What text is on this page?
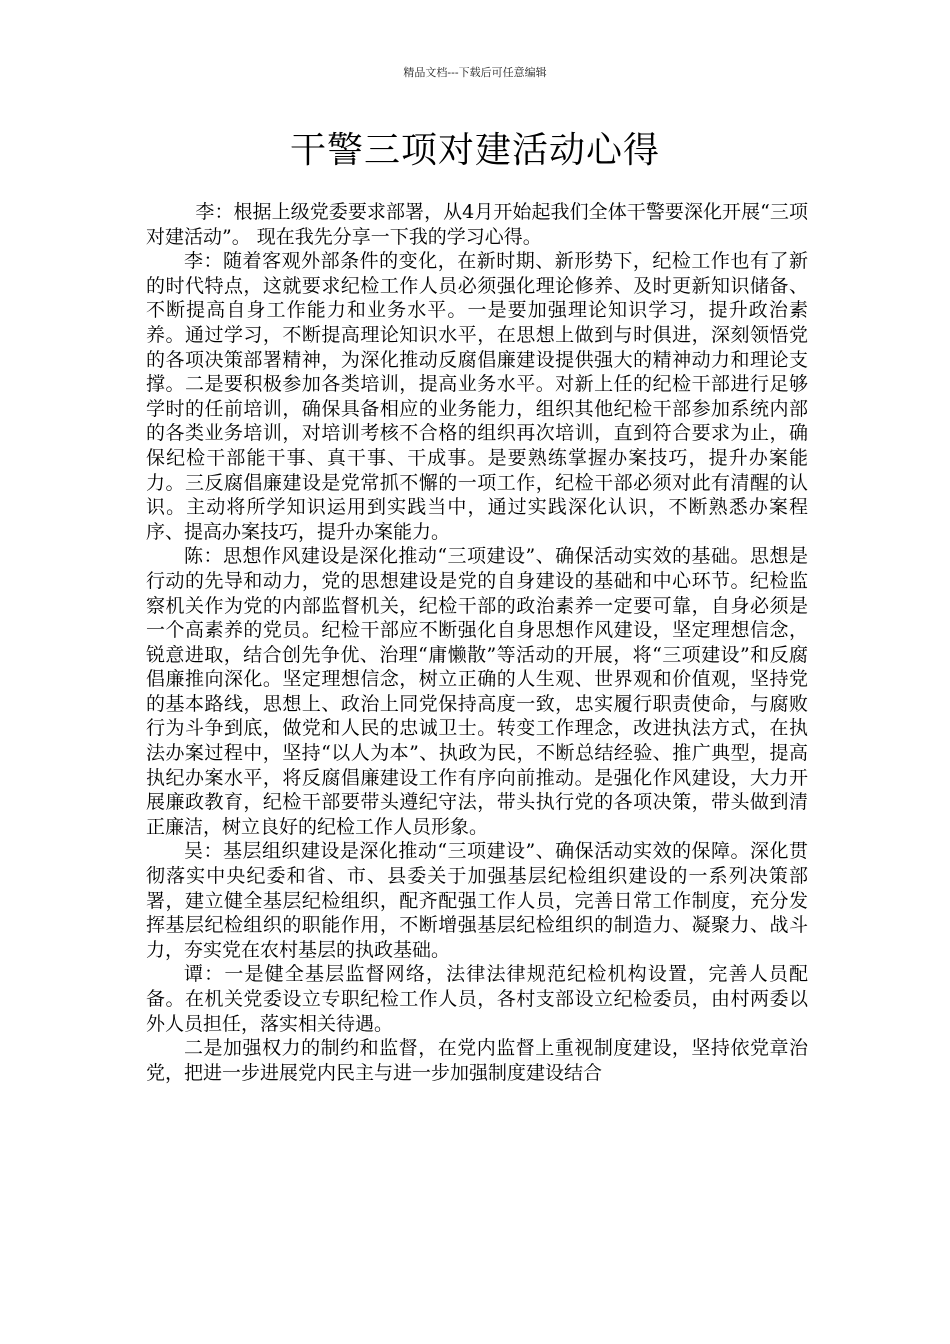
精品文档---下载后可任意编辑
干警三项对建活动心得

李：根据上级党委要求部署，从4月开始起我们全体干警要深化开展“三项对建活动”。 现在我先分享一下我的学习心得。

李：随着客观外部条件的变化，在新时期、新形势下，纪检工作也有了新的时代特点，这就要求纪检工作人员必须强化理论修养、及时更新知识储备、不断提高自身工作能力和业务水平。一是要加强理论知识学习，提升政治素养。通过学习，不断提高理论知识水平，在思想上做到与时俱进，深刻领悟党的各项决策部署精神，为深化推动反腐倡廉建设提供强大的精神动力和理论支撑。二是要积极参加各类培训，提高业务水平。对新上任的纪检干部进行足够学时的任前培训，确保具备相应的业务能力，组织其他纪检干部参加系统内部的各类业务培训，对培训考核不合格的组织再次培训，直到符合要求为止，确保纪检干部能干事、真干事、干成事。是要熟练掌握办案技巧，提升办案能力。三反腐倡廉建设是党常抓不懈的一项工作，纪检干部必须对此有清醒的认识。主动将所学知识运用到实践当中，通过实践深化认识，不断熟悉办案程序、提高办案技巧，提升办案能力。

陈：思想作风建设是深化推动“三项建设”、确保活动实效的基础。思想是行动的先导和动力，党的思想建设是党的自身建设的基础和中心环节。纪检监察机关作为党的内部监督机关，纪检干部的政治素养一定要可靠，自身必须是一个高素养的党员。纪检干部应不断强化自身思想作风建设，坚定理想信念，锐意进取，结合创先争优、治理“庸懒散”等活动的开展，将“三项建设”和反腐倡廉推向深化。坚定理想信念，树立正确的人生观、世界观和价值观，坚持党的基本路线，思想上、政治上同党保持高度一致，忠实履行职责使命，与腐败行为斗争到底，做党和人民的忠诚卫士。转变工作理念，改进执法方式，在执法办案过程中，坚持“以人为本”、执政为民，不断总结经验、推广典型，提高执纪办案水平，将反腐倡廉建设工作有序向前推动。是强化作风建设，大力开展廉政教育，纪检干部要带头遵纪守法，带头执行党的各项决策，带头做到清正廉洁，树立良好的纪检工作人员形象。

吴：基层组织建设是深化推动“三项建设”、确保活动实效的保障。深化贯彻落实中央纪委和省、市、县委关于加强基层纪检组织建设的一系列决策部署，建立健全基层纪检组织，配齐配强工作人员，完善日常工作制度，充分发挥基层纪检组织的职能作用，不断增强基层纪检组织的制造力、凝聚力、战斗力，夯实党在农村基层的执政基础。

谭：一是健全基层监督网络，法律法律规范纪检机构设置，完善人员配备。在机关党委设立专职纪检工作人员，各村支部设立纪检委员，由村两委以外人员担任，落实相关待遇。

二是加强权力的制约和监督，在党内监督上重视制度建设，坚持依党章治党，把进一步进展党内民主与进一步加强制度建设结合
